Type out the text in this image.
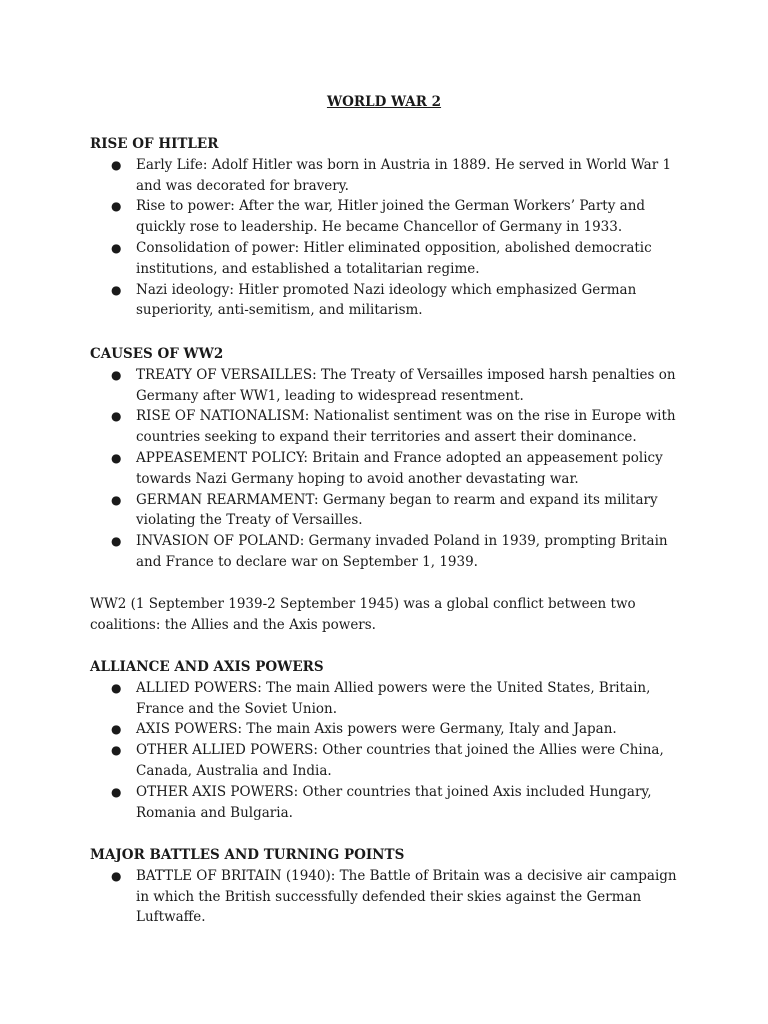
WORLD WAR 2
RISE OF HITLER
● Early Life: Adolf Hitler was born in Austria in 1889. He served in World War 1 and was decorated for bravery.
● Rise to power: After the war, Hitler joined the German Workers’ Party and quickly rose to leadership. He became Chancellor of Germany in 1933.
● Consolidation of power: Hitler eliminated opposition, abolished democratic institutions, and established a totalitarian regime.
● Nazi ideology: Hitler promoted Nazi ideology which emphasized German superiority, anti-semitism, and militarism.
CAUSES OF WW2
● TREATY OF VERSAILLES: The Treaty of Versailles imposed harsh penalties on Germany after WW1, leading to widespread resentment.
● RISE OF NATIONALISM: Nationalist sentiment was on the rise in Europe with countries seeking to expand their territories and assert their dominance.
● APPEASEMENT POLICY: Britain and France adopted an appeasement policy towards Nazi Germany hoping to avoid another devastating war.
● GERMAN REARMAMENT: Germany began to rearm and expand its military violating the Treaty of Versailles.
● INVASION OF POLAND: Germany invaded Poland in 1939, prompting Britain and France to declare war on September 1, 1939.

WW2 (1 September 1939-2 September 1945) was a global conflict between two coalitions: the Allies and the Axis powers.

ALLIANCE AND AXIS POWERS
● ALLIED POWERS: The main Allied powers were the United States, Britain, France and the Soviet Union.
● AXIS POWERS: The main Axis powers were Germany, Italy and Japan.
● OTHER ALLIED POWERS: Other countries that joined the Allies were China, Canada, Australia and India.
● OTHER AXIS POWERS: Other countries that joined Axis included Hungary, Romania and Bulgaria.
MAJOR BATTLES AND TURNING POINTS
● BATTLE OF BRITAIN (1940): The Battle of Britain was a decisive air campaign in which the British successfully defended their skies against the German Luftwaffe.
